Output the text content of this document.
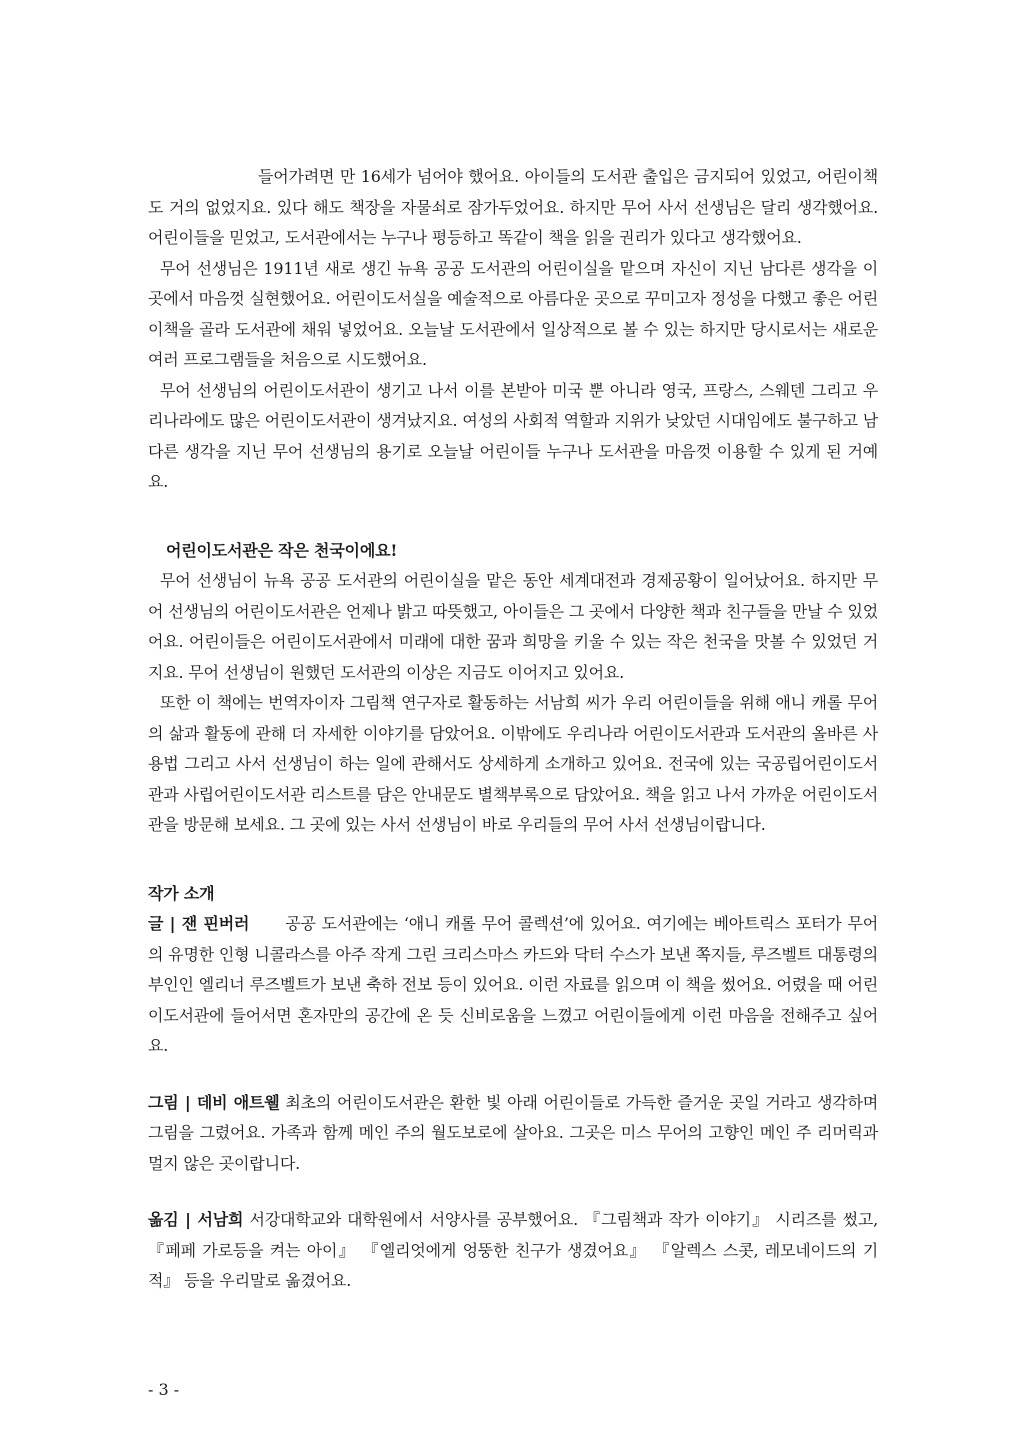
들어가려면 만 16세가 넘어야 했어요. 아이들의 도서관 출입은 금지되어 있었고, 어린이책도 거의 없었지요. 있다 해도 책장을 자물쇠로 잠가두었어요. 하지만 무어 사서 선생님은 달리 생각했어요. 어린이들을 믿었고, 도서관에서는 누구나 평등하고 똑같이 책을 읽을 권리가 있다고 생각했어요.

무어 선생님은 1911년 새로 생긴 뉴욕 공공 도서관의 어린이실을 맡으며 자신이 지닌 남다른 생각을 이곳에서 마음껏 실현했어요. 어린이도서실을 예술적으로 아름다운 곳으로 꾸미고자 정성을 다했고 좋은 어린이책을 골라 도서관에 채워 넣었어요. 오늘날 도서관에서 일상적으로 볼 수 있는 하지만 당시로서는 새로운 여러 프로그램들을 처음으로 시도했어요.

무어 선생님의 어린이도서관이 생기고 나서 이를 본받아 미국 뿐 아니라 영국, 프랑스, 스웨덴 그리고 우리나라에도 많은 어린이도서관이 생겨났지요. 여성의 사회적 역할과 지위가 낮았던 시대임에도 불구하고 남다른 생각을 지닌 무어 선생님의 용기로 오늘날 어린이들 누구나 도서관을 마음껏 이용할 수 있게 된 거예요.

어린이도서관은 작은 천국이에요!

무어 선생님이 뉴욕 공공 도서관의 어린이실을 맡은 동안 세계대전과 경제공황이 일어났어요. 하지만 무어 선생님의 어린이도서관은 언제나 밝고 따뜻했고, 아이들은 그 곳에서 다양한 책과 친구들을 만날 수 있었어요. 어린이들은 어린이도서관에서 미래에 대한 꿈과 희망을 키울 수 있는 작은 천국을 맛볼 수 있었던 거지요. 무어 선생님이 원했던 도서관의 이상은 지금도 이어지고 있어요.

또한 이 책에는 번역자이자 그림책 연구자로 활동하는 서남희 씨가 우리 어린이들을 위해 애니 캐롤 무어의 삶과 활동에 관해 더 자세한 이야기를 담았어요. 이밖에도 우리나라 어린이도서관과 도서관의 올바른 사용법 그리고 사서 선생님이 하는 일에 관해서도 상세하게 소개하고 있어요. 전국에 있는 국공립어린이도서관과 사립어린이도서관 리스트를 담은 안내문도 별책부록으로 담았어요. 책을 읽고 나서 가까운 어린이도서관을 방문해 보세요. 그 곳에 있는 사서 선생님이 바로 우리들의 무어 사서 선생님이랍니다.

작가 소개

글 | 잰 핀버러 공공 도서관에는 ‘애니 캐롤 무어 콜렉션’에 있어요. 여기에는 베아트릭스 포터가 무어의 유명한 인형 니콜라스를 아주 작게 그린 크리스마스 카드와 닥터 수스가 보낸 쪽지들, 루즈벨트 대통령의 부인인 엘리너 루즈벨트가 보낸 축하 전보 등이 있어요. 이런 자료를 읽으며 이 책을 썼어요. 어렸을 때 어린이도서관에 들어서면 혼자만의 공간에 온 듯 신비로움을 느꼈고 어린이들에게 이런 마음을 전해주고 싶어요.

그림 | 데비 애트웰 최초의 어린이도서관은 환한 빛 아래 어린이들로 가득한 즐거운 곳일 거라고 생각하며 그림을 그렸어요. 가족과 함께 메인 주의 월도보로에 살아요. 그곳은 미스 무어의 고향인 메인 주 리머릭과 멀지 않은 곳이랍니다.

옮김 | 서남희 서강대학교와 대학원에서 서양사를 공부했어요. 『그림책과 작가 이야기』 시리즈를 썼고, 『페페 가로등을 켜는 아이』 『엘리엇에게 엉뚱한 친구가 생겼어요』 『알렉스 스콧, 레모네이드의 기적』 등을 우리말로 옮겼어요.

- 3 -
